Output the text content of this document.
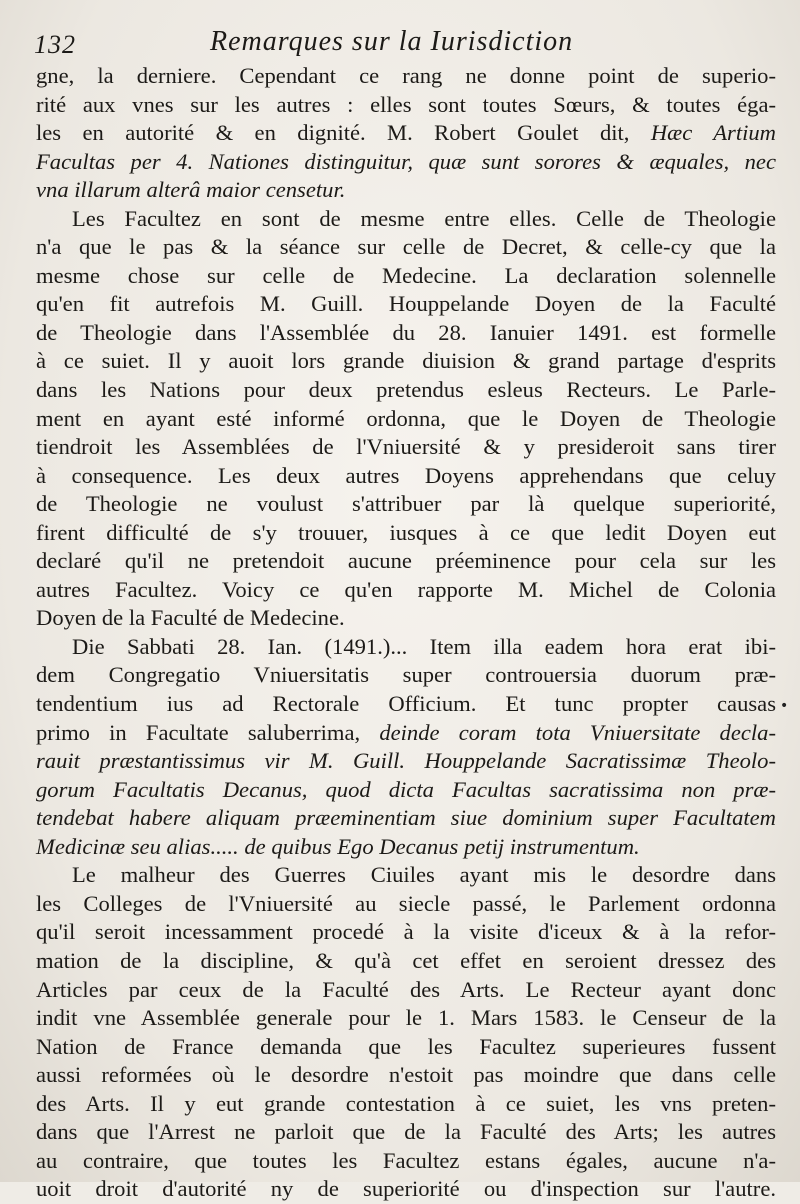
132	Remarques sur la Iurisdiction
gne, la derniere. Cependant ce rang ne donne point de superio-
rité aux vnes sur les autres : elles sont toutes Sœurs, & toutes éga-
les en autorité & en dignité. M. Robert Goulet dit, Hæc Artium
Facultas per 4. Nationes distinguitur, quæ sunt sorores & æquales, nec
vna illarum alterâ maior censetur.
Les Facultez en sont de mesme entre elles. Celle de Theologie
n'a que le pas & la séance sur celle de Decret, & celle-cy que la
mesme chose sur celle de Medecine. La declaration solennelle
qu'en fit autrefois M. Guill. Houppelande Doyen de la Faculté
de Theologie dans l'Assemblée du 28. Ianuier 1491. est formelle
à ce suiet. Il y auoit lors grande diuision & grand partage d'esprits
dans les Nations pour deux pretendus esleus Recteurs. Le Parle-
ment en ayant esté informé ordonna, que le Doyen de Theologie
tiendroit les Assemblées de l'Vniuersité & y presideroit sans tirer
à consequence. Les deux autres Doyens apprehendans que celuy
de Theologie ne voulust s'attribuer par là quelque superiorité,
firent difficulté de s'y trouuer, iusques à ce que ledit Doyen eut
declaré qu'il ne pretendoit aucune préeminence pour cela sur les
autres Facultez. Voicy ce qu'en rapporte M. Michel de Colonia
Doyen de la Faculté de Medecine.
Die Sabbati 28. Ian. (1491.)... Item illa eadem hora erat ibi-
dem Congregatio Vniuersitatis super controuersia duorum præ-
tendentium ius ad Rectorale Officium. Et tunc propter causas
primo in Facultate saluberrima, deinde coram tota Vniuersitate decla-
rauit præstantissimus vir M. Guill. Houppelande Sacratissimæ Theolo-
gorum Facultatis Decanus, quod dicta Facultas sacratissima non præ-
tendebat habere aliquam præeminentiam siue dominium super Facultatem
Medicinæ seu alias..... de quibus Ego Decanus petij instrumentum.
Le malheur des Guerres Ciuiles ayant mis le desordre dans
les Colleges de l'Vniuersité au siecle passé, le Parlement ordonna
qu'il seroit incessamment procedé à la visite d'iceux & à la refor-
mation de la discipline, & qu'à cet effet en seroient dressez des
Articles par ceux de la Faculté des Arts. Le Recteur ayant donc
indit vne Assemblée generale pour le 1. Mars 1583. le Censeur de la
Nation de France demanda que les Facultez superieures fussent
aussi reformées où le desordre n'estoit pas moindre que dans celle
des Arts. Il y eut grande contestation à ce suiet, les vns preten-
dans que l'Arrest ne parloit que de la Faculté des Arts; les autres
au contraire, que toutes les Facultez estans égales, aucune n'a-
uoit droit d'autorité ny de superiorité ou d'inspection sur l'autre.
•
